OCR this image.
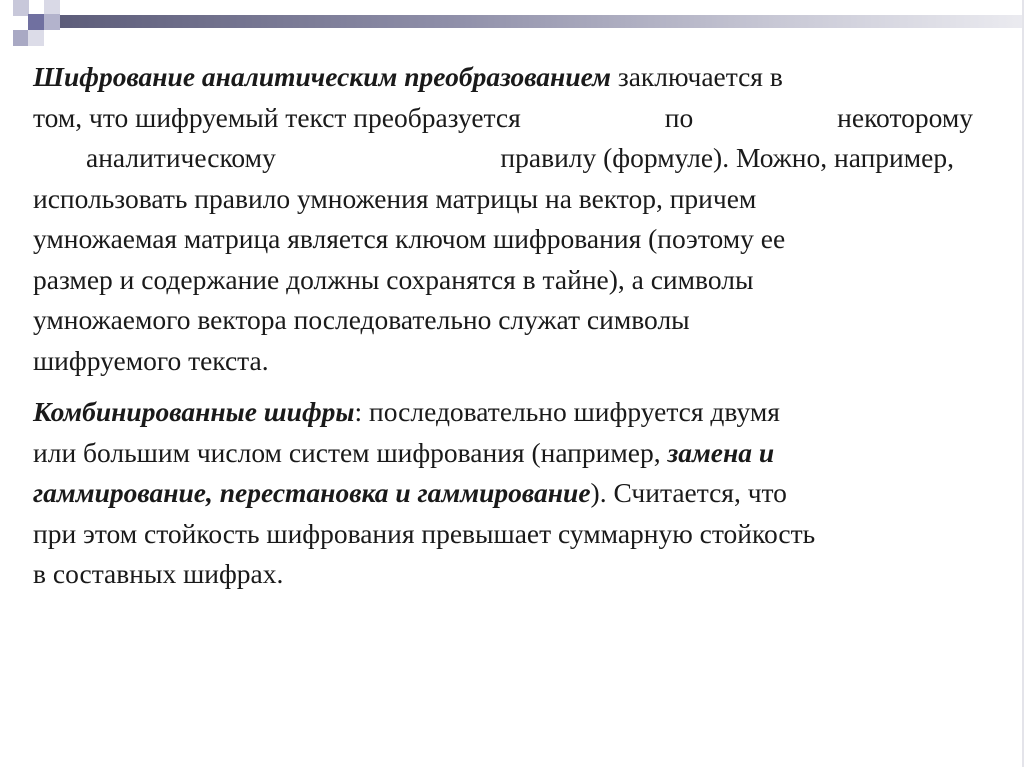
Шифрование аналитическим преобразованием заключается в
том, что шифруемый текст преобразуется	по	некоторому
аналитическому	правилу (формуле). Можно, например,
использовать правило умножения матрицы на вектор, причем
умножаемая матрица является ключом шифрования (поэтому ее
размер и содержание должны сохранятся в тайне), а символы
умножаемого вектора последовательно служат символы
шифруемого текста.
Комбинированные шифры: последовательно шифруется двумя
или большим числом систем шифрования (например, замена и
гаммирование, перестановка и гаммирование). Считается, что
при этом стойкость шифрования превышает суммарную стойкость
в составных шифрах.
